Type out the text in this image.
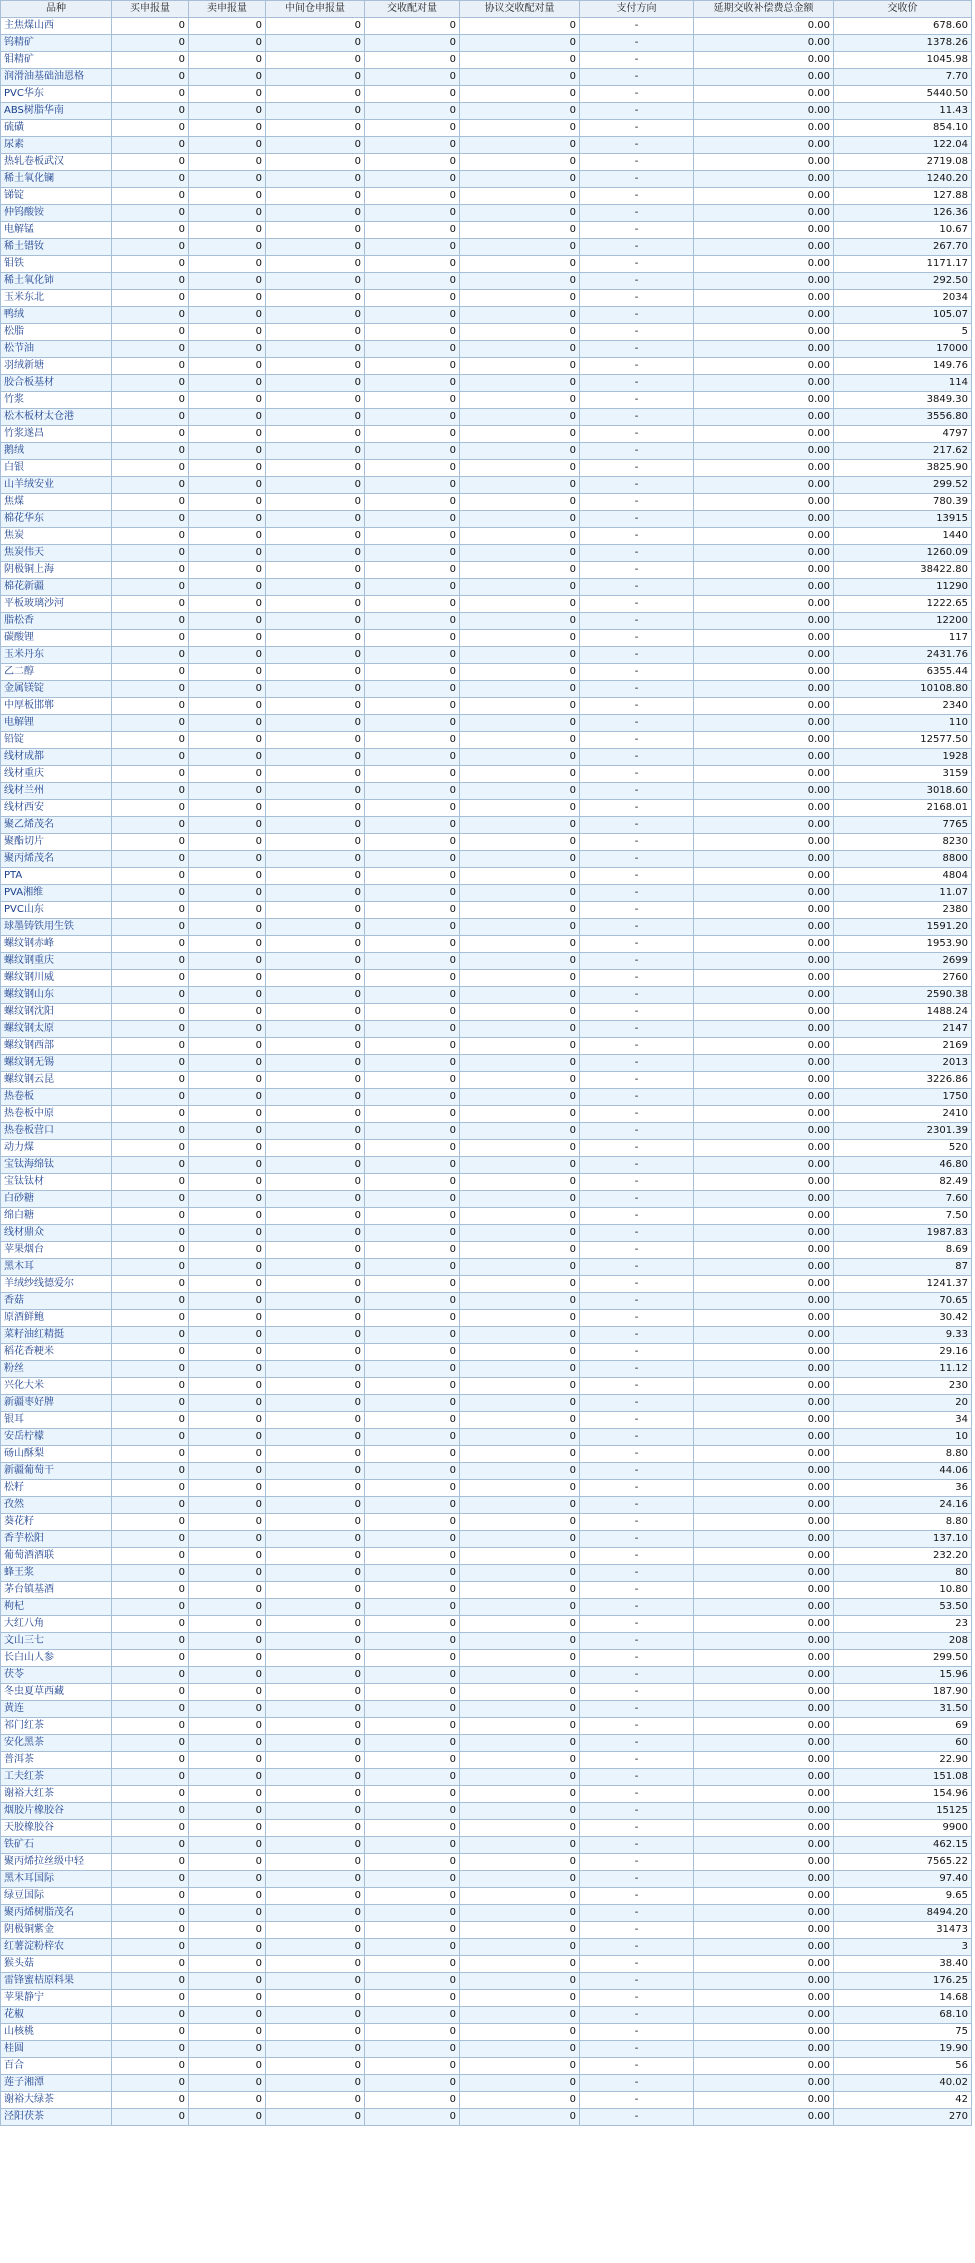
品种	买申报量	卖申报量	中间仓申报量	交收配对量	协议交收配对量	支付方向	延期交收补偿费总金额	交收价
主焦煤山西	0	0	0	0	0	-	0.00	678.60
钨精矿	0	0	0	0	0	-	0.00	1378.26
钼精矿	0	0	0	0	0	-	0.00	1045.98
润滑油基础油恩格	0	0	0	0	0	-	0.00	7.70
PVC华东	0	0	0	0	0	-	0.00	5440.50
ABS树脂华南	0	0	0	0	0	-	0.00	11.43
硫磺	0	0	0	0	0	-	0.00	854.10
尿素	0	0	0	0	0	-	0.00	122.04
热轧卷板武汉	0	0	0	0	0	-	0.00	2719.08
稀土氧化镧	0	0	0	0	0	-	0.00	1240.20
锑锭	0	0	0	0	0	-	0.00	127.88
仲钨酸铵	0	0	0	0	0	-	0.00	126.36
电解锰	0	0	0	0	0	-	0.00	10.67
稀土镨钕	0	0	0	0	0	-	0.00	267.70
钼铁	0	0	0	0	0	-	0.00	1171.17
稀土氧化铈	0	0	0	0	0	-	0.00	292.50
玉米东北	0	0	0	0	0	-	0.00	2034
鸭绒	0	0	0	0	0	-	0.00	105.07
松脂	0	0	0	0	0	-	0.00	5
松节油	0	0	0	0	0	-	0.00	17000
羽绒新塘	0	0	0	0	0	-	0.00	149.76
胶合板基材	0	0	0	0	0	-	0.00	114
竹浆	0	0	0	0	0	-	0.00	3849.30
松木板材太仓港	0	0	0	0	0	-	0.00	3556.80
竹浆遂昌	0	0	0	0	0	-	0.00	4797
鹅绒	0	0	0	0	0	-	0.00	217.62
白银	0	0	0	0	0	-	0.00	3825.90
山羊绒安业	0	0	0	0	0	-	0.00	299.52
焦煤	0	0	0	0	0	-	0.00	780.39
棉花华东	0	0	0	0	0	-	0.00	13915
焦炭	0	0	0	0	0	-	0.00	1440
焦炭伟天	0	0	0	0	0	-	0.00	1260.09
阴极铜上海	0	0	0	0	0	-	0.00	38422.80
棉花新疆	0	0	0	0	0	-	0.00	11290
平板玻璃沙河	0	0	0	0	0	-	0.00	1222.65
脂松香	0	0	0	0	0	-	0.00	12200
碳酸锂	0	0	0	0	0	-	0.00	117
玉米丹东	0	0	0	0	0	-	0.00	2431.76
乙二醇	0	0	0	0	0	-	0.00	6355.44
金属镁锭	0	0	0	0	0	-	0.00	10108.80
中厚板邯郸	0	0	0	0	0	-	0.00	2340
电解锂	0	0	0	0	0	-	0.00	110
铅锭	0	0	0	0	0	-	0.00	12577.50
线材成都	0	0	0	0	0	-	0.00	1928
线材重庆	0	0	0	0	0	-	0.00	3159
线材兰州	0	0	0	0	0	-	0.00	3018.60
线材西安	0	0	0	0	0	-	0.00	2168.01
聚乙烯茂名	0	0	0	0	0	-	0.00	7765
聚酯切片	0	0	0	0	0	-	0.00	8230
聚丙烯茂名	0	0	0	0	0	-	0.00	8800
PTA	0	0	0	0	0	-	0.00	4804
PVA湘维	0	0	0	0	0	-	0.00	11.07
PVC山东	0	0	0	0	0	-	0.00	2380
球墨铸铁用生铁	0	0	0	0	0	-	0.00	1591.20
螺纹钢赤峰	0	0	0	0	0	-	0.00	1953.90
螺纹钢重庆	0	0	0	0	0	-	0.00	2699
螺纹钢川威	0	0	0	0	0	-	0.00	2760
螺纹钢山东	0	0	0	0	0	-	0.00	2590.38
螺纹钢沈阳	0	0	0	0	0	-	0.00	1488.24
螺纹钢太原	0	0	0	0	0	-	0.00	2147
螺纹钢西部	0	0	0	0	0	-	0.00	2169
螺纹钢无锡	0	0	0	0	0	-	0.00	2013
螺纹钢云昆	0	0	0	0	0	-	0.00	3226.86
热卷板	0	0	0	0	0	-	0.00	1750
热卷板中原	0	0	0	0	0	-	0.00	2410
热卷板营口	0	0	0	0	0	-	0.00	2301.39
动力煤	0	0	0	0	0	-	0.00	520
宝钛海绵钛	0	0	0	0	0	-	0.00	46.80
宝钛钛材	0	0	0	0	0	-	0.00	82.49
白砂糖	0	0	0	0	0	-	0.00	7.60
绵白糖	0	0	0	0	0	-	0.00	7.50
线材鼎众	0	0	0	0	0	-	0.00	1987.83
苹果烟台	0	0	0	0	0	-	0.00	8.69
黑木耳	0	0	0	0	0	-	0.00	87
羊绒纱线德爱尔	0	0	0	0	0	-	0.00	1241.37
香菇	0	0	0	0	0	-	0.00	70.65
原酒鲜鲍	0	0	0	0	0	-	0.00	30.42
菜籽油红精挺	0	0	0	0	0	-	0.00	9.33
稻花香粳米	0	0	0	0	0	-	0.00	29.16
粉丝	0	0	0	0	0	-	0.00	11.12
兴化大米	0	0	0	0	0	-	0.00	230
新疆枣好牌	0	0	0	0	0	-	0.00	20
银耳	0	0	0	0	0	-	0.00	34
安岳柠檬	0	0	0	0	0	-	0.00	10
砀山酥梨	0	0	0	0	0	-	0.00	8.80
新疆葡萄干	0	0	0	0	0	-	0.00	44.06
松籽	0	0	0	0	0	-	0.00	36
孜然	0	0	0	0	0	-	0.00	24.16
葵花籽	0	0	0	0	0	-	0.00	8.80
香芋松阳	0	0	0	0	0	-	0.00	137.10
葡萄酒酒联	0	0	0	0	0	-	0.00	232.20
蜂王浆	0	0	0	0	0	-	0.00	80
茅台镇基酒	0	0	0	0	0	-	0.00	10.80
枸杞	0	0	0	0	0	-	0.00	53.50
大红八角	0	0	0	0	0	-	0.00	23
文山三七	0	0	0	0	0	-	0.00	208
长白山人参	0	0	0	0	0	-	0.00	299.50
茯苓	0	0	0	0	0	-	0.00	15.96
冬虫夏草西藏	0	0	0	0	0	-	0.00	187.90
黄连	0	0	0	0	0	-	0.00	31.50
祁门红茶	0	0	0	0	0	-	0.00	69
安化黑茶	0	0	0	0	0	-	0.00	60
普洱茶	0	0	0	0	0	-	0.00	22.90
工夫红茶	0	0	0	0	0	-	0.00	151.08
谢裕大红茶	0	0	0	0	0	-	0.00	154.96
烟胶片橡胶谷	0	0	0	0	0	-	0.00	15125
天胶橡胶谷	0	0	0	0	0	-	0.00	9900
铁矿石	0	0	0	0	0	-	0.00	462.15
聚丙烯拉丝级中轻	0	0	0	0	0	-	0.00	7565.22
黑木耳国际	0	0	0	0	0	-	0.00	97.40
绿豆国际	0	0	0	0	0	-	0.00	9.65
聚丙烯树脂茂名	0	0	0	0	0	-	0.00	8494.20
阴极铜紫金	0	0	0	0	0	-	0.00	31473
红薯淀粉梓农	0	0	0	0	0	-	0.00	3
猴头菇	0	0	0	0	0	-	0.00	38.40
雷锋蜜桔原料果	0	0	0	0	0	-	0.00	176.25
苹果静宁	0	0	0	0	0	-	0.00	14.68
花椒	0	0	0	0	0	-	0.00	68.10
山核桃	0	0	0	0	0	-	0.00	75
桂圆	0	0	0	0	0	-	0.00	19.90
百合	0	0	0	0	0	-	0.00	56
莲子湘潭	0	0	0	0	0	-	0.00	40.02
谢裕大绿茶	0	0	0	0	0	-	0.00	42
泾阳茯茶	0	0	0	0	0	-	0.00	270
